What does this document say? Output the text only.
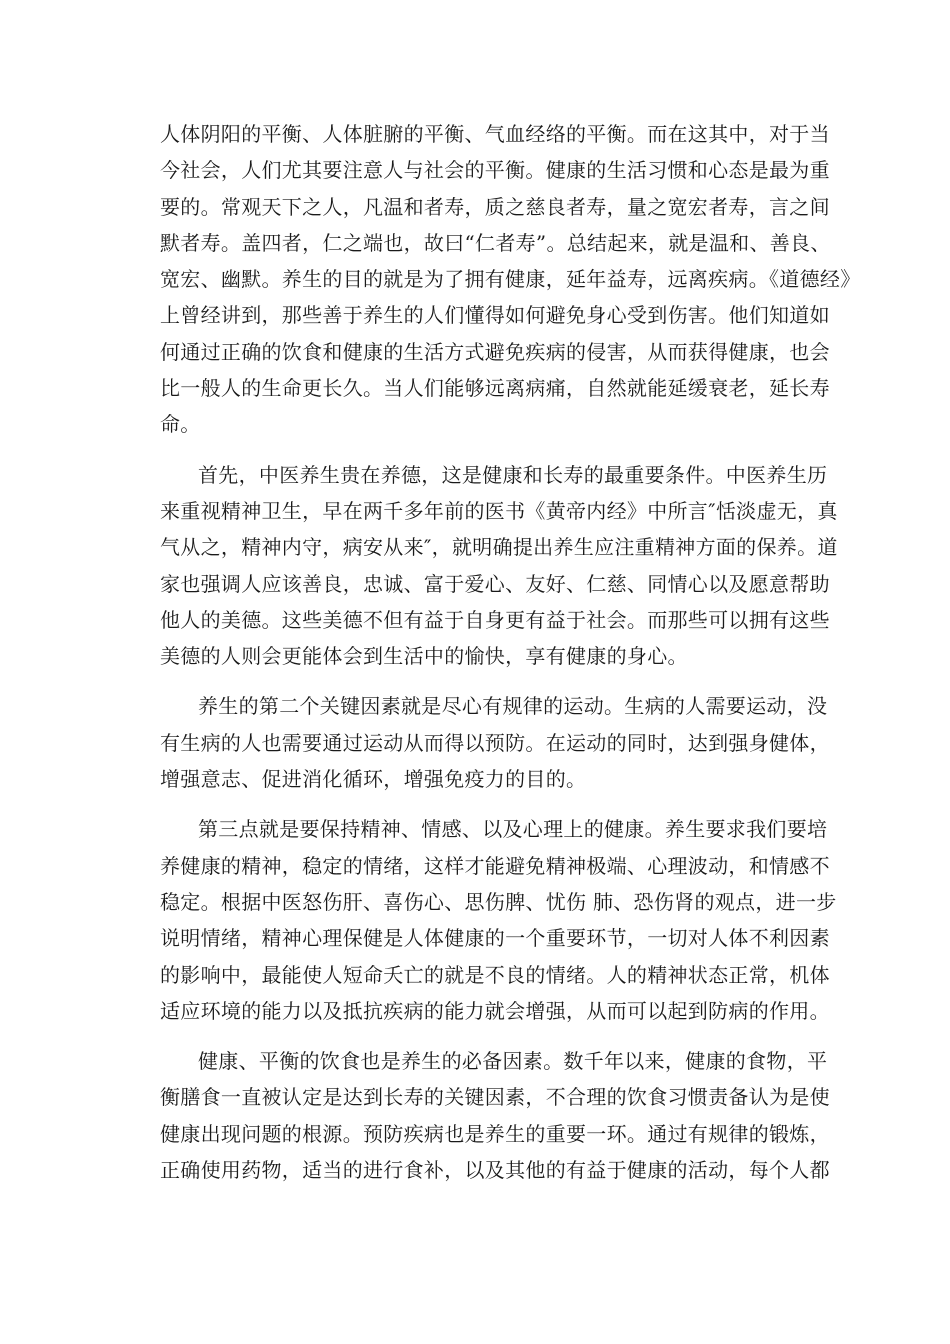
人体阴阳的平衡、人体脏腑的平衡、气血经络的平衡。而在这其中，对于当
今社会，人们尤其要注意人与社会的平衡。健康的生活习惯和心态是最为重
要的。常观天下之人，凡温和者寿，质之慈良者寿，量之宽宏者寿，言之间
默者寿。盖四者，仁之端也，故曰“仁者寿”。总结起来，就是温和、善良、
宽宏、幽默。养生的目的就是为了拥有健康，延年益寿，远离疾病。《道德经》
上曾经讲到，那些善于养生的人们懂得如何避免身心受到伤害。他们知道如
何通过正确的饮食和健康的生活方式避免疾病的侵害，从而获得健康，也会
比一般人的生命更长久。当人们能够远离病痛，自然就能延缓衰老，延长寿
命。

首先，中医养生贵在养德，这是健康和长寿的最重要条件。中医养生历
来重视精神卫生，早在两千多年前的医书《黄帝内经》中所言″恬淡虚无，真
气从之，精神内守，病安从来″，就明确提出养生应注重精神方面的保养。道
家也强调人应该善良，忠诚、富于爱心、友好、仁慈、同情心以及愿意帮助
他人的美德。这些美德不但有益于自身更有益于社会。而那些可以拥有这些
美德的人则会更能体会到生活中的愉快，享有健康的身心。

养生的第二个关键因素就是尽心有规律的运动。生病的人需要运动，没
有生病的人也需要通过运动从而得以预防。在运动的同时，达到强身健体，
增强意志、促进消化循环，增强免疫力的目的。

第三点就是要保持精神、情感、以及心理上的健康。养生要求我们要培
养健康的精神，稳定的情绪，这样才能避免精神极端、心理波动，和情感不
稳定。根据中医怒伤肝、喜伤心、思伤脾、忧伤 肺、恐伤肾的观点，进一步
说明情绪，精神心理保健是人体健康的一个重要环节，一切对人体不利因素
的影响中，最能使人短命夭亡的就是不良的情绪。人的精神状态正常，机体
适应环境的能力以及抵抗疾病的能力就会增强，从而可以起到防病的作用。

健康、平衡的饮食也是养生的必备因素。数千年以来，健康的食物，平
衡膳食一直被认定是达到长寿的关键因素，不合理的饮食习惯责备认为是使
健康出现问题的根源。预防疾病也是养生的重要一环。通过有规律的锻炼，
正确使用药物，适当的进行食补，以及其他的有益于健康的活动，每个人都
